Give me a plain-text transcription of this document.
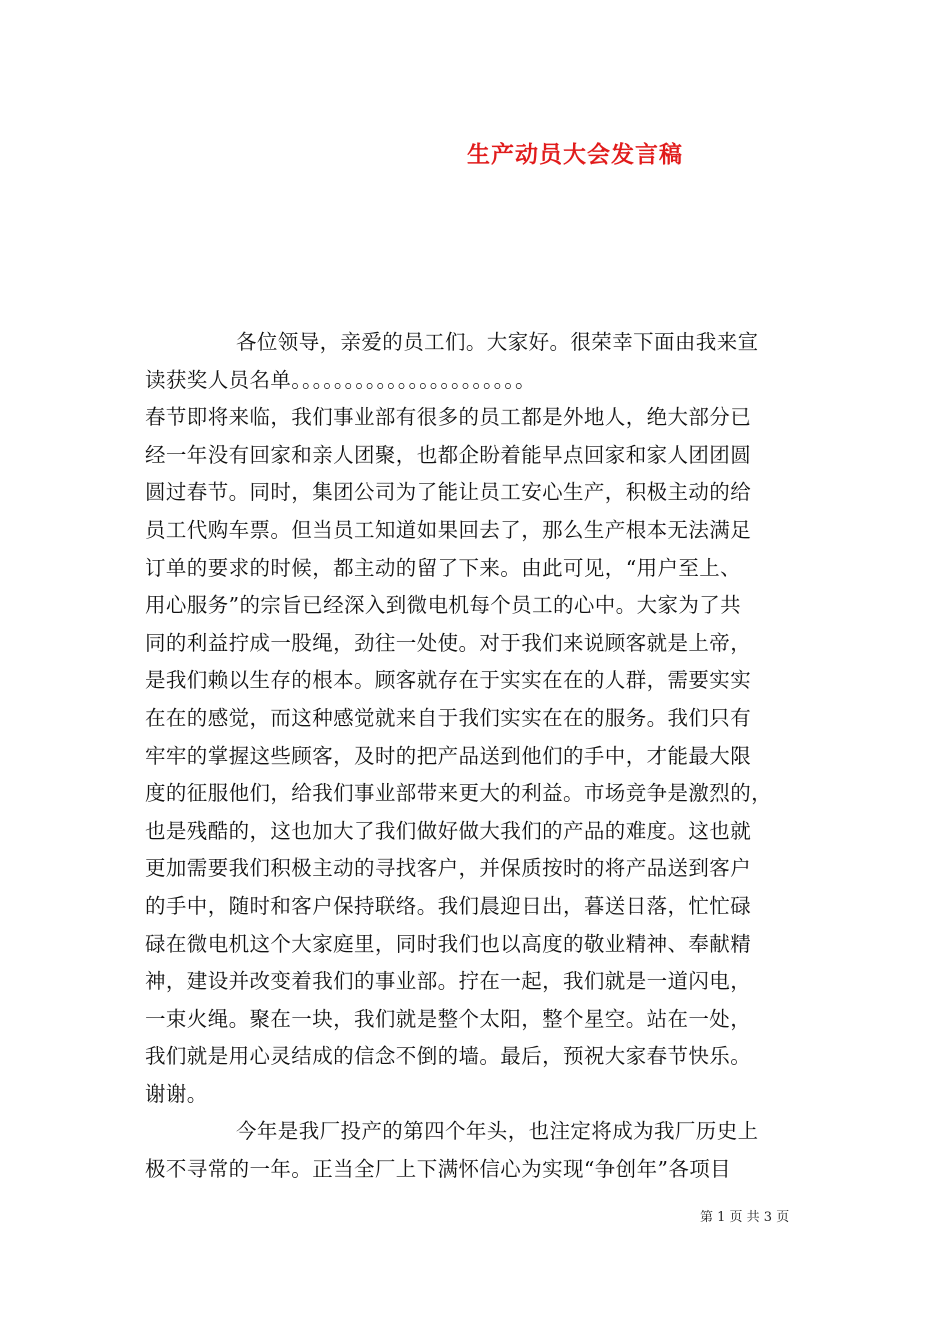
生产动员大会发言稿
各位领导，亲爱的员工们。大家好。很荣幸下面由我来宣
读获奖人员名单。。。。。。。。。。。。。。。。。。。。。。
春节即将来临，我们事业部有很多的员工都是外地人，绝大部分已
经一年没有回家和亲人团聚，也都企盼着能早点回家和家人团团圆
圆过春节。同时，集团公司为了能让员工安心生产，积极主动的给
员工代购车票。但当员工知道如果回去了，那么生产根本无法满足
订单的要求的时候，都主动的留了下来。由此可见，“用户至上、
用心服务”的宗旨已经深入到微电机每个员工的心中。大家为了共
同的利益拧成一股绳，劲往一处使。对于我们来说顾客就是上帝，
是我们赖以生存的根本。顾客就存在于实实在在的人群，需要实实
在在的感觉，而这种感觉就来自于我们实实在在的服务。我们只有
牢牢的掌握这些顾客，及时的把产品送到他们的手中，才能最大限
度的征服他们，给我们事业部带来更大的利益。市场竞争是激烈的，
也是残酷的，这也加大了我们做好做大我们的产品的难度。这也就
更加需要我们积极主动的寻找客户，并保质按时的将产品送到客户
的手中，随时和客户保持联络。我们晨迎日出，暮送日落，忙忙碌
碌在微电机这个大家庭里，同时我们也以高度的敬业精神、奉献精
神，建设并改变着我们的事业部。拧在一起，我们就是一道闪电，
一束火绳。聚在一块，我们就是整个太阳，整个星空。站在一处，
我们就是用心灵结成的信念不倒的墙。最后，预祝大家春节快乐。
谢谢。
今年是我厂投产的第四个年头，也注定将成为我厂历史上
极不寻常的一年。正当全厂上下满怀信心为实现“争创年”各项目
第 1 页 共 3 页
